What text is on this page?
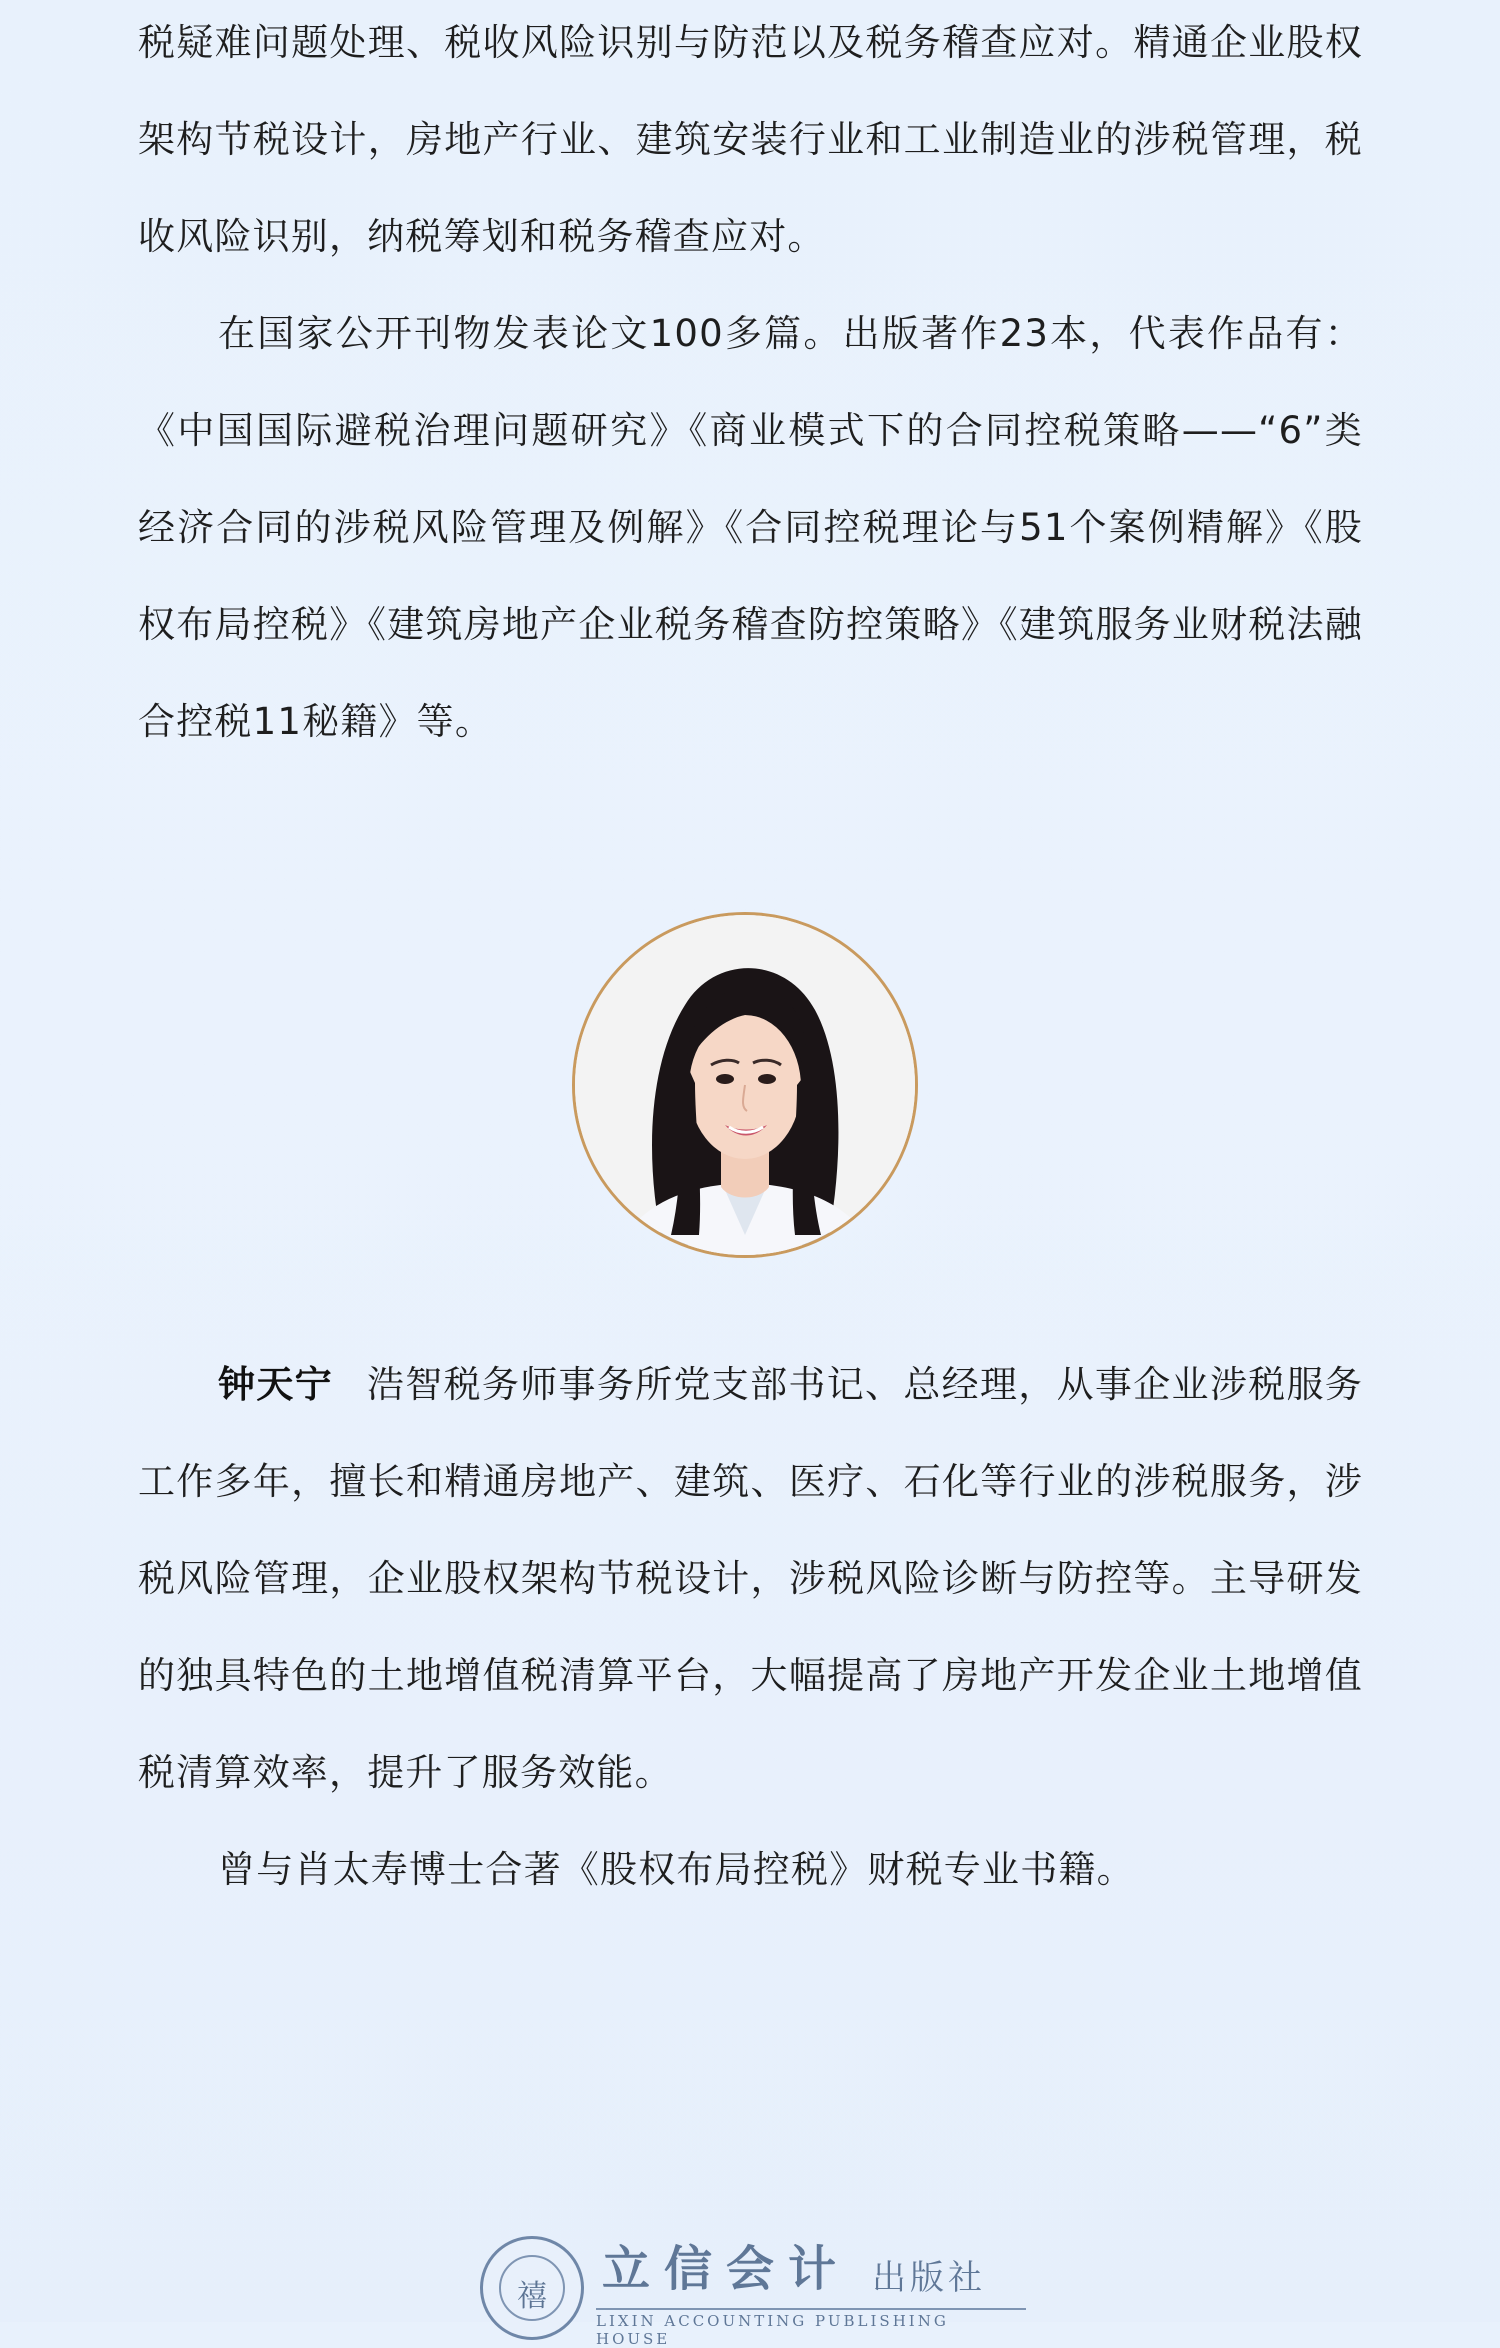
税疑难问题处理、税收风险识别与防范以及税务稽查应对。精通企业股权架构节税设计，房地产行业、建筑安装行业和工业制造业的涉税管理，税收风险识别，纳税筹划和税务稽查应对。

在国家公开刊物发表论文100多篇。出版著作23本，代表作品有：《中国国际避税治理问题研究》《商业模式下的合同控税策略——“6”类经济合同的涉税风险管理及例解》《合同控税理论与51个案例精解》《股权布局控税》《建筑房地产企业税务稽查防控策略》《建筑服务业财税法融合控税11秘籍》等。

钟天宁 浩智税务师事务所党支部书记、总经理，从事企业涉税服务工作多年，擅长和精通房地产、建筑、医疗、石化等行业的涉税服务，涉税风险管理，企业股权架构节税设计，涉税风险诊断与防控等。主导研发的独具特色的土地增值税清算平台，大幅提高了房地产开发企业土地增值税清算效率，提升了服务效能。

曾与肖太寿博士合著《股权布局控税》财税专业书籍。

禧	立信会计 出版社
LIXIN ACCOUNTING PUBLISHING HOUSE
